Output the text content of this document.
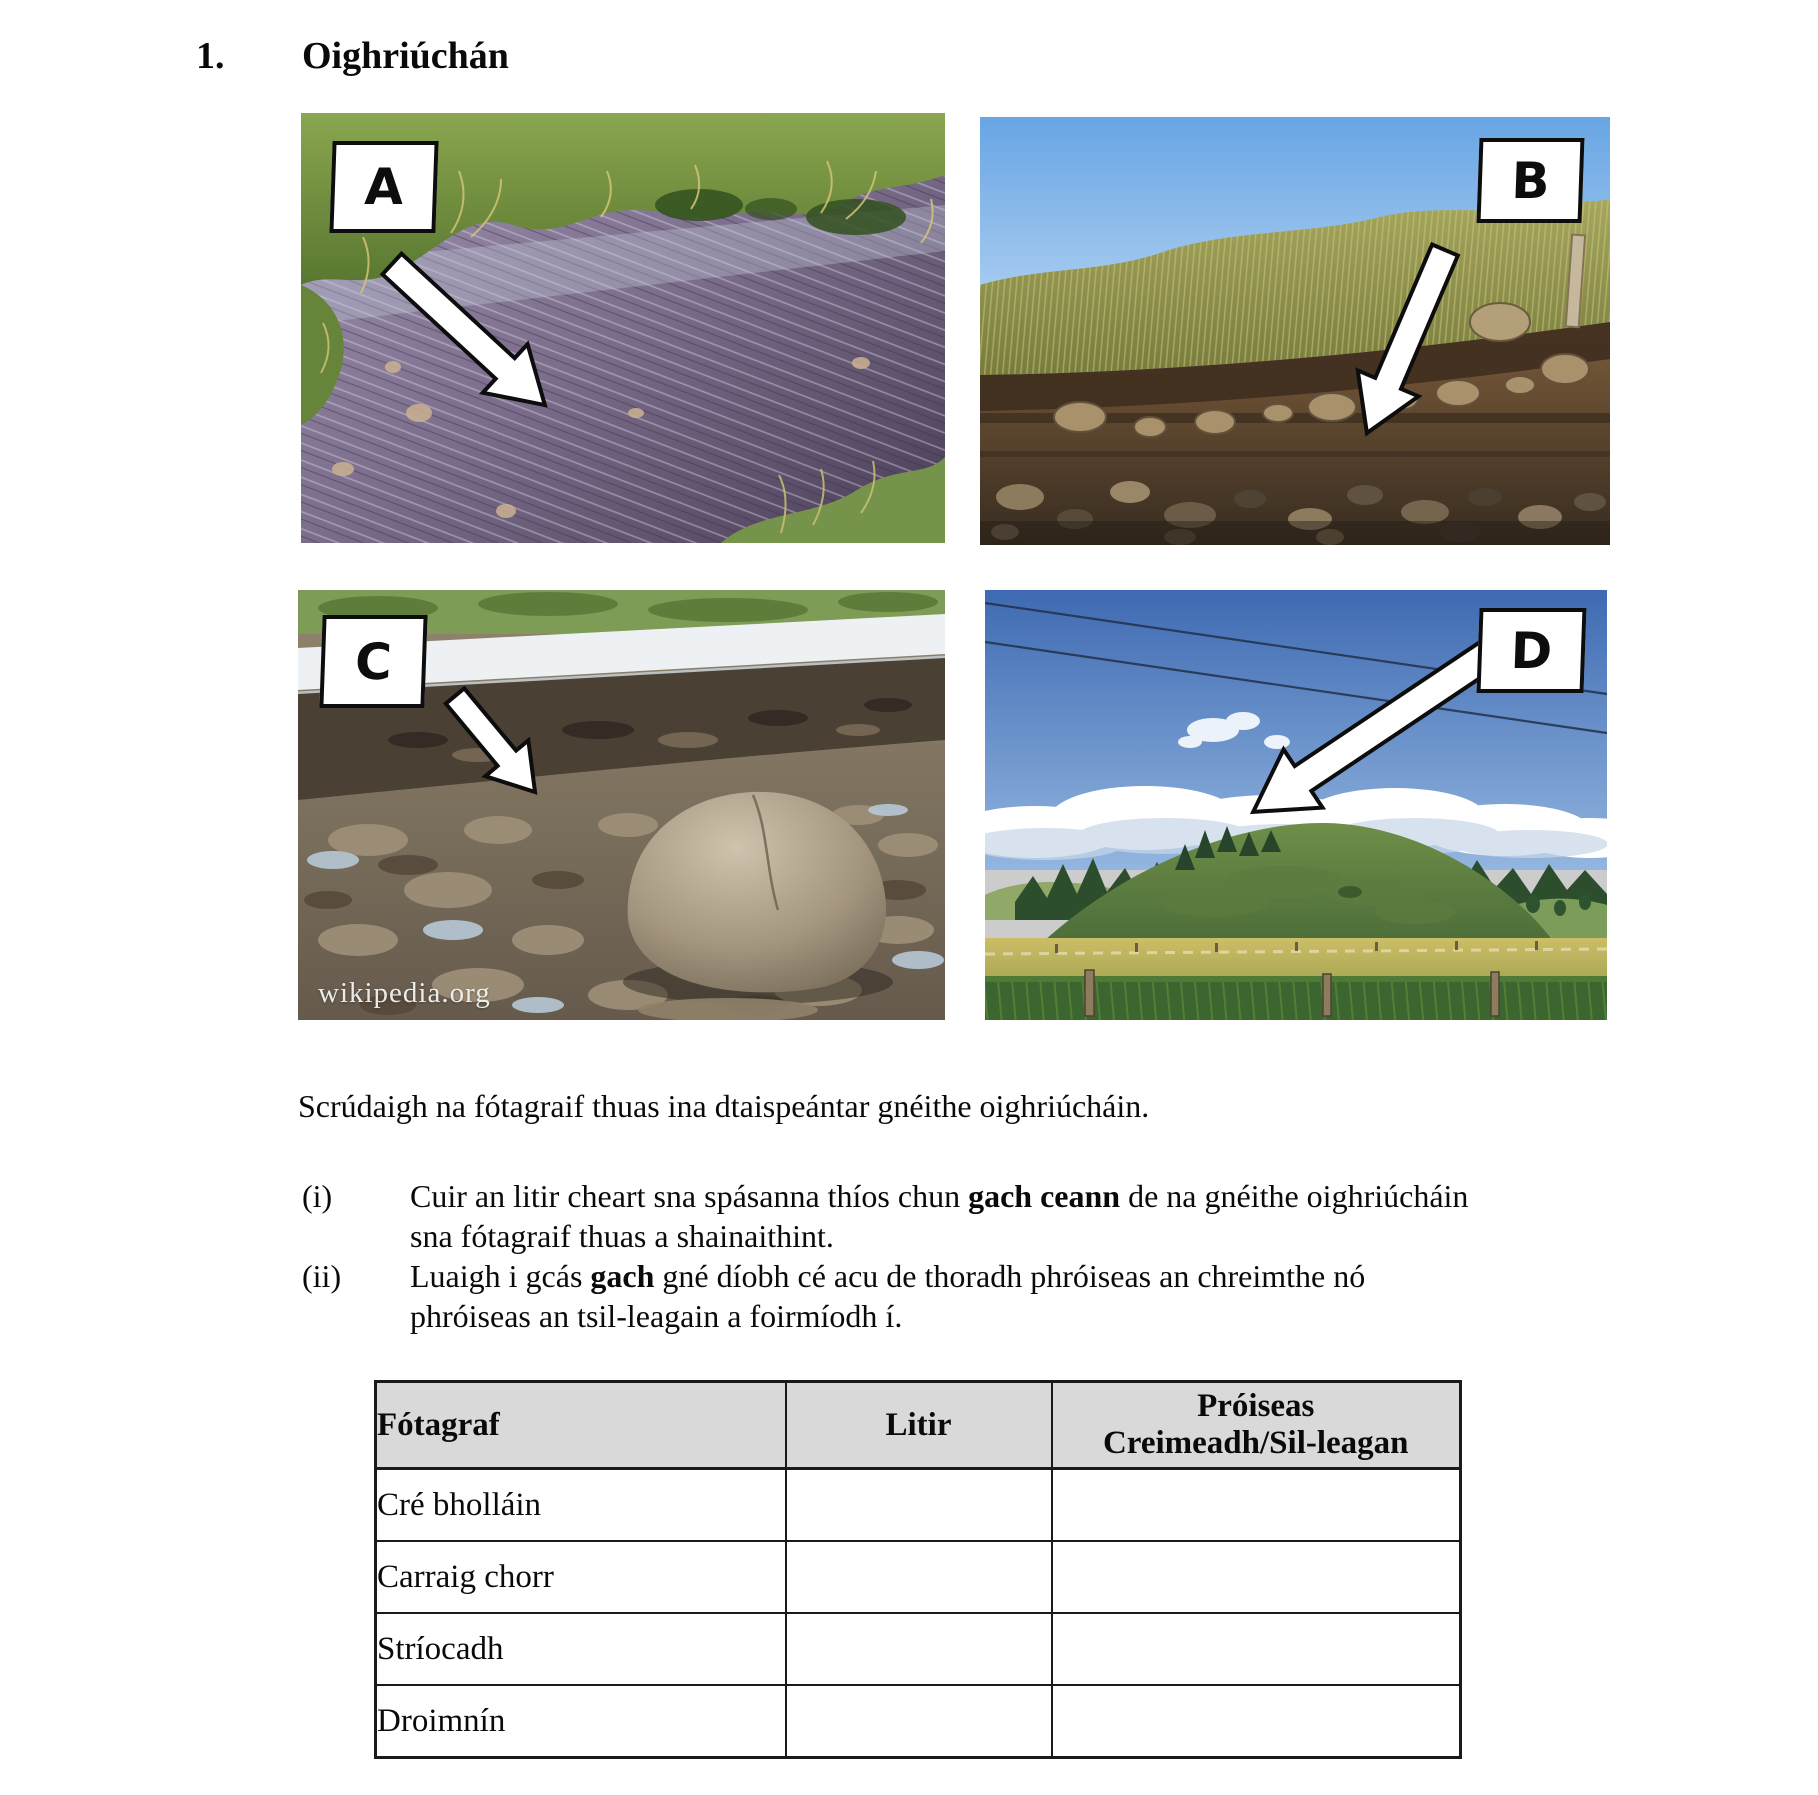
1. Oighriúchán
A	B
wikipedia.org
C	D
Scrúdaigh na fótagraif thuas ina dtaispeántar gnéithe oighriúcháin.
(i) Cuir an litir cheart sna spásanna thíos chun gach ceann de na gnéithe oighriúcháin
sna fótagraif thuas a shainaithint.
(ii) Luaigh i gcás gach gné díobh cé acu de thoradh phróiseas an chreimthe nó
phróiseas an tsil-leagain a foirmíodh í.
Fótagraf	Litir	Próiseas
Creimeadh/Sil-leagan

Cré bholláin		
Carraig chorr		
Stríocadh		
Droimnín		
